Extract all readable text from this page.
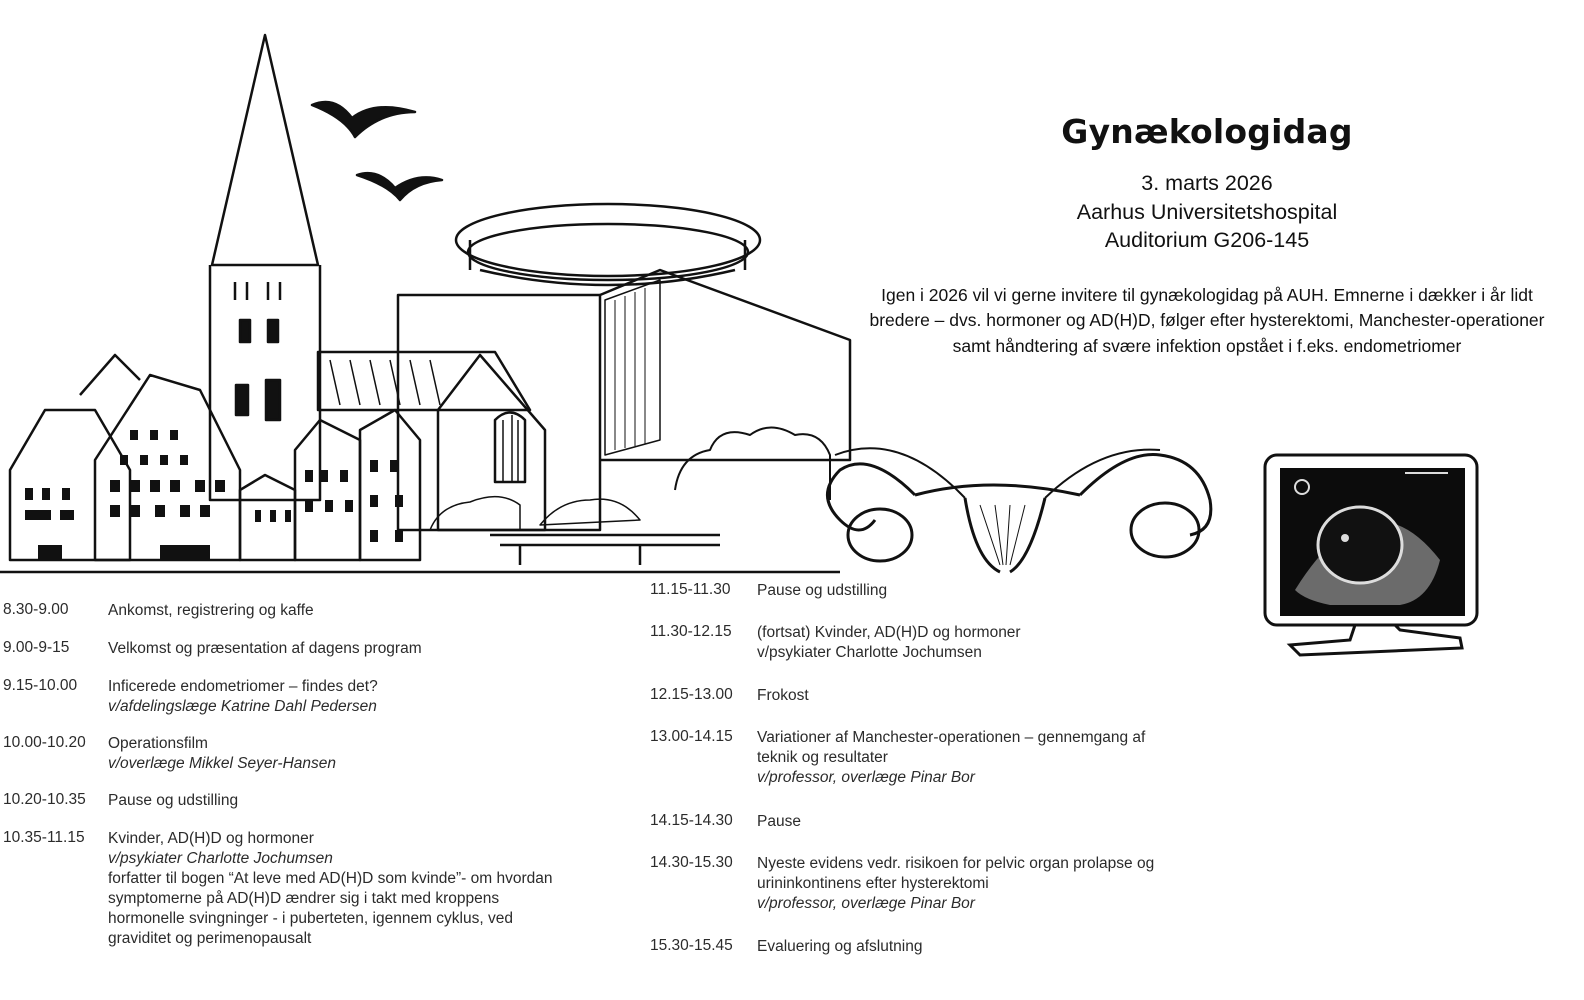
Gynækologidag
3. marts 2026
Aarhus Universitetshospital
Auditorium G206-145
Igen i 2026 vil vi gerne invitere til gynækologidag på AUH. Emnerne i dækker i år lidt bredere – dvs. hormoner og AD(H)D, følger efter hysterektomi, Manchester-operationer samt håndtering af svære infektion opstået i f.eks. endometriomer
8.30-9.00	Ankomst, registrering og kaffe
9.00-9-15	Velkomst og præsentation af dagens program
9.15-10.00	Inficerede endometriomer – findes det?
v/afdelingslæge Katrine Dahl Pedersen
10.00-10.20	Operationsfilm
v/overlæge Mikkel Seyer-Hansen
10.20-10.35	Pause og udstilling
10.35-11.15	Kvinder, AD(H)D og hormoner
v/psykiater Charlotte Jochumsen
forfatter til bogen “At leve med AD(H)D som kvinde”- om hvordan
symptomerne på AD(H)D ændrer sig i takt med kroppens
hormonelle svingninger - i puberteten, igennem cyklus, ved
graviditet og perimenopausalt
11.15-11.30	Pause og udstilling
11.30-12.15	(fortsat) Kvinder, AD(H)D og hormoner
v/psykiater Charlotte Jochumsen
12.15-13.00	Frokost
13.00-14.15	Variationer af Manchester-operationen – gennemgang af
teknik og resultater
v/professor, overlæge Pinar Bor
14.15-14.30	Pause
14.30-15.30	Nyeste evidens vedr. risikoen for pelvic organ prolapse og
urininkontinens efter hysterektomi
v/professor, overlæge Pinar Bor
15.30-15.45	Evaluering og afslutning
